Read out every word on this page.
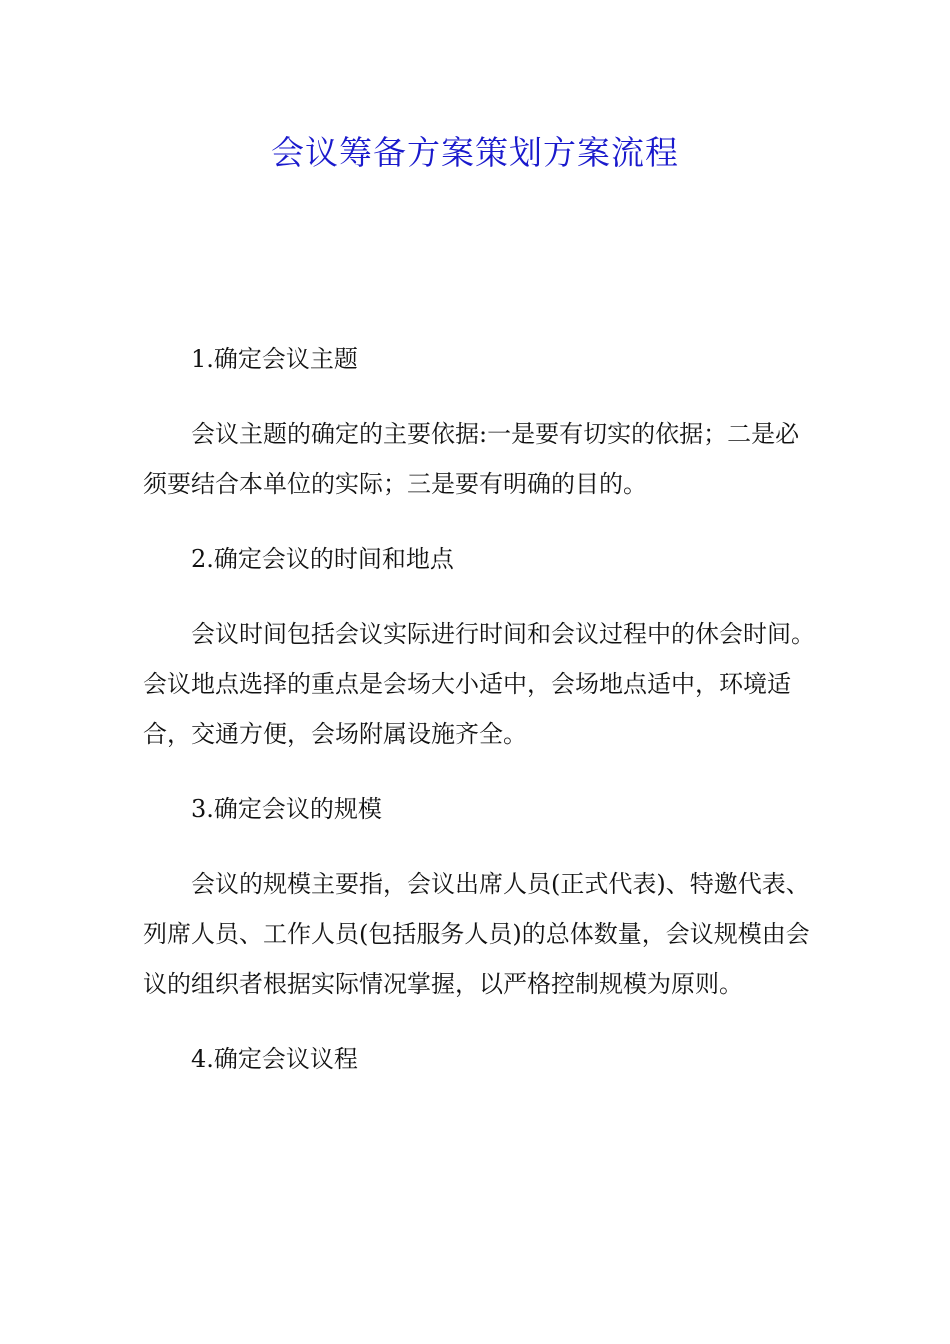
会议筹备方案策划方案流程
1.确定会议主题

会议主题的确定的主要依据:一是要有切实的依据；二是必须要结合本单位的实际；三是要有明确的目的。

2.确定会议的时间和地点

会议时间包括会议实际进行时间和会议过程中的休会时间。会议地点选择的重点是会场大小适中，会场地点适中，环境适合，交通方便，会场附属设施齐全。

3.确定会议的规模

会议的规模主要指，会议出席人员(正式代表)、特邀代表、列席人员、工作人员(包括服务人员)的总体数量，会议规模由会议的组织者根据实际情况掌握，以严格控制规模为原则。

4.确定会议议程
